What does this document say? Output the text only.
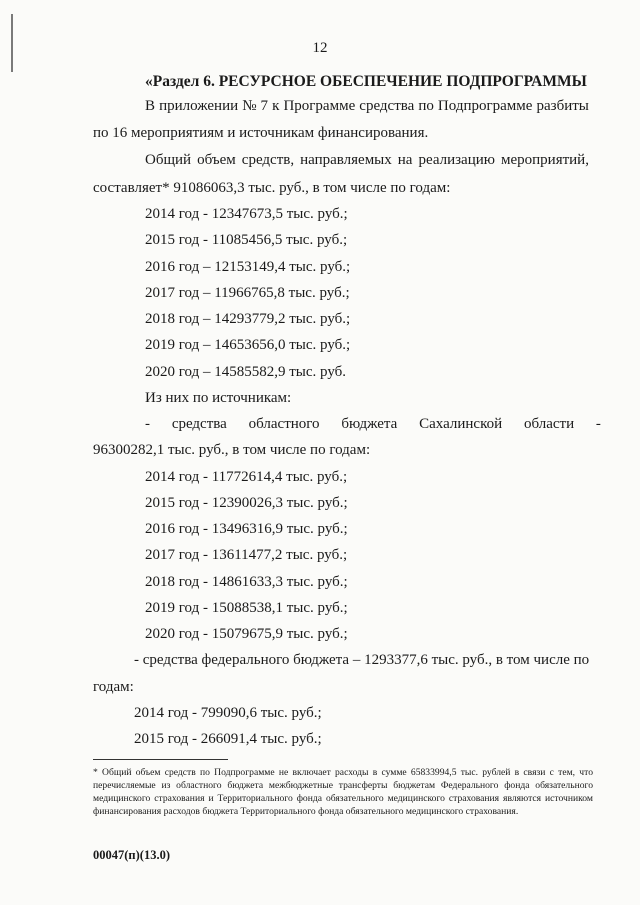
12
«Раздел 6. РЕСУРСНОЕ ОБЕСПЕЧЕНИЕ ПОДПРОГРАММЫ
В приложении № 7 к Программе средства по Подпрограмме разбиты
по 16 мероприятиям и источникам финансирования.
Общий объем средств, направляемых на реализацию мероприятий,
составляет* 91086063,3 тыс. руб., в том числе по годам:
2014 год - 12347673,5 тыс. руб.;
2015 год - 11085456,5 тыс. руб.;
2016 год – 12153149,4 тыс. руб.;
2017 год – 11966765,8 тыс. руб.;
2018 год – 14293779,2 тыс. руб.;
2019 год – 14653656,0 тыс. руб.;
2020 год – 14585582,9 тыс. руб.
Из них по источникам:
- средства областного бюджета Сахалинской области -
96300282,1 тыс. руб., в том числе по годам:
2014 год - 11772614,4 тыс. руб.;
2015 год - 12390026,3 тыс. руб.;
2016 год - 13496316,9 тыс. руб.;
2017 год - 13611477,2 тыс. руб.;
2018 год - 14861633,3 тыс. руб.;
2019 год - 15088538,1 тыс. руб.;
2020 год - 15079675,9 тыс. руб.;
- средства федерального бюджета – 1293377,6 тыс. руб., в том числе по
годам:
2014 год - 799090,6 тыс. руб.;
2015 год - 266091,4 тыс. руб.;
* Общий объем средств по Подпрограмме не включает расходы в сумме 65833994,5 тыс. рублей в связи с тем, что перечисляемые из областного бюджета межбюджетные трансферты бюджетам Федерального фонда обязательного медицинского страхования и Территориального фонда обязательного медицинского страхования являются источником финансирования расходов бюджета Территориального фонда обязательного медицинского страхования.
00047(п)(13.0)
